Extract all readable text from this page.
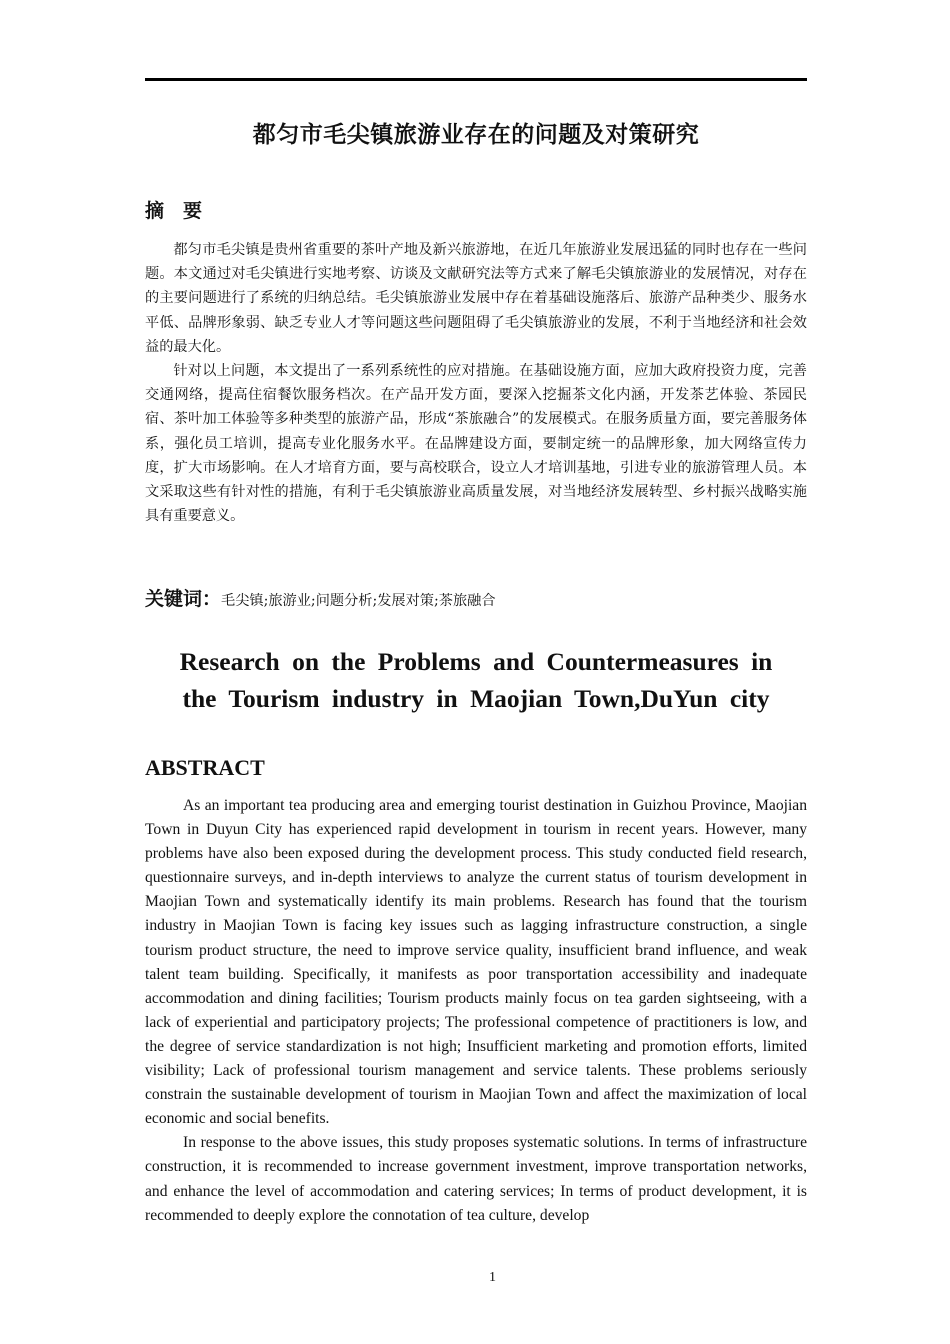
都匀市毛尖镇旅游业存在的问题及对策研究
摘　要

都匀市毛尖镇是贵州省重要的茶叶产地及新兴旅游地，在近几年旅游业发展迅猛的同时也存在一些问题。本文通过对毛尖镇进行实地考察、访谈及文献研究法等方式来了解毛尖镇旅游业的发展情况，对存在的主要问题进行了系统的归纳总结。毛尖镇旅游业发展中存在着基础设施落后、旅游产品种类少、服务水平低、品牌形象弱、缺乏专业人才等问题这些问题阻碍了毛尖镇旅游业的发展，不利于当地经济和社会效益的最大化。

针对以上问题，本文提出了一系列系统性的应对措施。在基础设施方面，应加大政府投资力度，完善交通网络，提高住宿餐饮服务档次。在产品开发方面，要深入挖掘茶文化内涵，开发茶艺体验、茶园民宿、茶叶加工体验等多种类型的旅游产品，形成“茶旅融合”的发展模式。在服务质量方面，要完善服务体系，强化员工培训，提高专业化服务水平。在品牌建设方面，要制定统一的品牌形象，加大网络宣传力度，扩大市场影响。在人才培育方面，要与高校联合，设立人才培训基地，引进专业的旅游管理人员。本文采取这些有针对性的措施，有利于毛尖镇旅游业高质量发展，对当地经济发展转型、乡村振兴战略实施具有重要意义。

关键词：毛尖镇;旅游业;问题分析;发展对策;茶旅融合
Research on the Problems and Countermeasures in
the Tourism industry in Maojian Town,DuYun city
ABSTRACT

As an important tea producing area and emerging tourist destination in Guizhou Province, Maojian Town in Duyun City has experienced rapid development in tourism in recent years. However, many problems have also been exposed during the development process. This study conducted field research, questionnaire surveys, and in-depth interviews to analyze the current status of tourism development in Maojian Town and systematically identify its main problems. Research has found that the tourism industry in Maojian Town is facing key issues such as lagging infrastructure construction, a single tourism product structure, the need to improve service quality, insufficient brand influence, and weak talent team building. Specifically, it manifests as poor transportation accessibility and inadequate accommodation and dining facilities; Tourism products mainly focus on tea garden sightseeing, with a lack of experiential and participatory projects; The professional competence of practitioners is low, and the degree of service standardization is not high; Insufficient marketing and promotion efforts, limited visibility; Lack of professional tourism management and service talents. These problems seriously constrain the sustainable development of tourism in Maojian Town and affect the maximization of local economic and social benefits.

In response to the above issues, this study proposes systematic solutions. In terms of infrastructure construction, it is recommended to increase government investment, improve transportation networks, and enhance the level of accommodation and catering services; In terms of product development, it is recommended to deeply explore the connotation of tea culture, develop

1
